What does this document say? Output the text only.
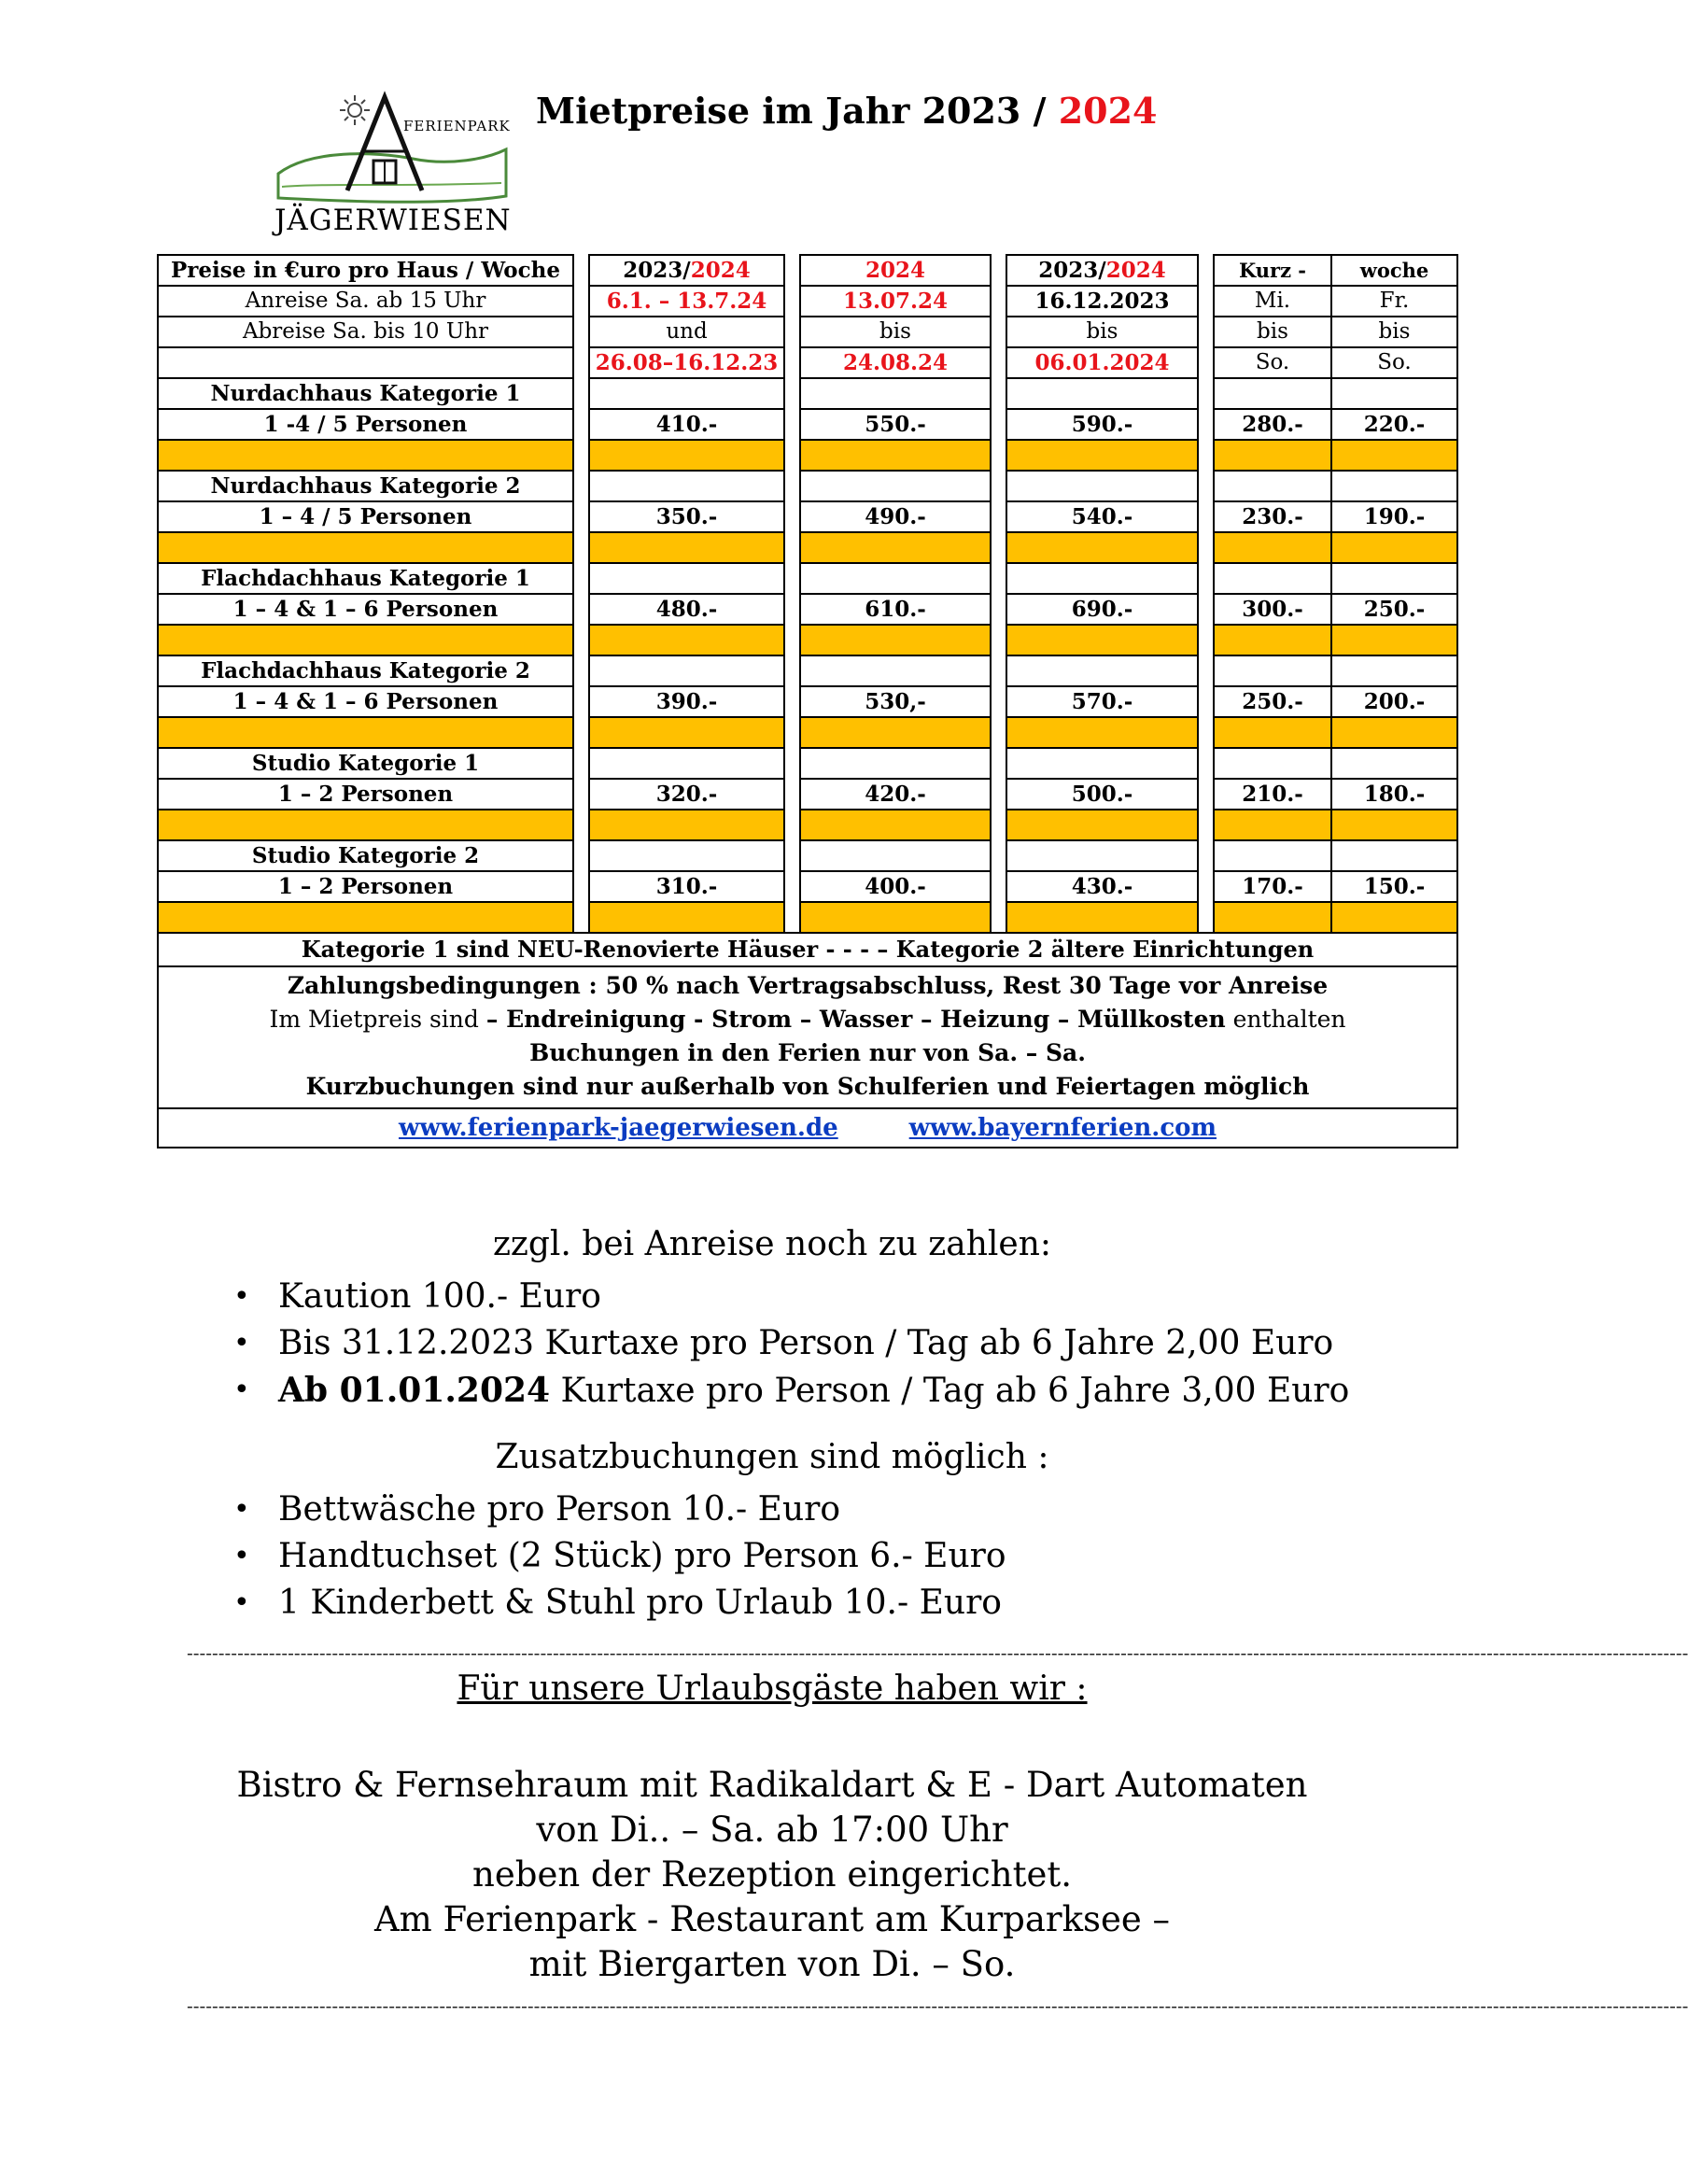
FERIENPARK
JÄGERWIESEN
Mietpreise im Jahr 2023 / 2024
Preise in €uro pro Haus / Woche		2023/2024		2024		2023/2024		Kurz -	woche
Anreise Sa. ab 15 Uhr		6.1. – 13.7.24		13.07.24		16.12.2023		Mi.	Fr.
Abreise Sa. bis 10 Uhr		und		bis		bis		bis	bis
		26.08–16.12.23		24.08.24		06.01.2024		So.	So.
Nurdachhaus Kategorie 1									
1 -4 / 5 Personen		410.-		550.-		590.-		280.-	220.-

Nurdachhaus Kategorie 2									
1 – 4 / 5 Personen		350.-		490.-		540.-		230.-	190.-

Flachdachhaus Kategorie 1									
1 – 4 & 1 – 6 Personen		480.-		610.-		690.-		300.-	250.-

Flachdachhaus Kategorie 2									
1 – 4 & 1 – 6 Personen		390.-		530,-		570.-		250.-	200.-

Studio Kategorie 1									
1 – 2 Personen		320.-		420.-		500.-		210.-	180.-

Studio Kategorie 2									
1 – 2 Personen		310.-		400.-		430.-		170.-	150.-

Kategorie 1 sind NEU-Renovierte Häuser - - - – Kategorie 2 ältere Einrichtungen									

Zahlungsbedingungen : 50 % nach Vertragsabschluss, Rest 30 Tage vor Anreise
Im Mietpreis sind – Endreinigung - Strom – Wasser – Heizung – Müllkosten enthalten
Buchungen in den Ferien nur von Sa. – Sa.
Kurzbuchungen sind nur außerhalb von Schulferien und Feiertagen möglich									

www.ferienpark-jaegerwiesen.de www.bayernferien.com									
zzgl. bei Anreise noch zu zahlen:
• Kaution 100.- Euro
• Bis 31.12.2023 Kurtaxe pro Person / Tag ab 6 Jahre 2,00 Euro
• Ab 01.01.2024 Kurtaxe pro Person / Tag ab 6 Jahre 3,00 Euro
Zusatzbuchungen sind möglich :
• Bettwäsche pro Person 10.- Euro
• Handtuchset (2 Stück) pro Person 6.- Euro
• 1 Kinderbett & Stuhl pro Urlaub 10.- Euro
----------------------------------------------------------------------------------------------------------------------------------------------------------------------------------------------------------------------------------------------
Für unsere Urlaubsgäste haben wir :
Bistro & Fernsehraum mit Radikaldart & E - Dart Automaten
von Di.. – Sa. ab 17:00 Uhr
neben der Rezeption eingerichtet.
Am Ferienpark - Restaurant am Kurparksee –
mit Biergarten von Di. – So.
----------------------------------------------------------------------------------------------------------------------------------------------------------------------------------------------------------------------------------------------
